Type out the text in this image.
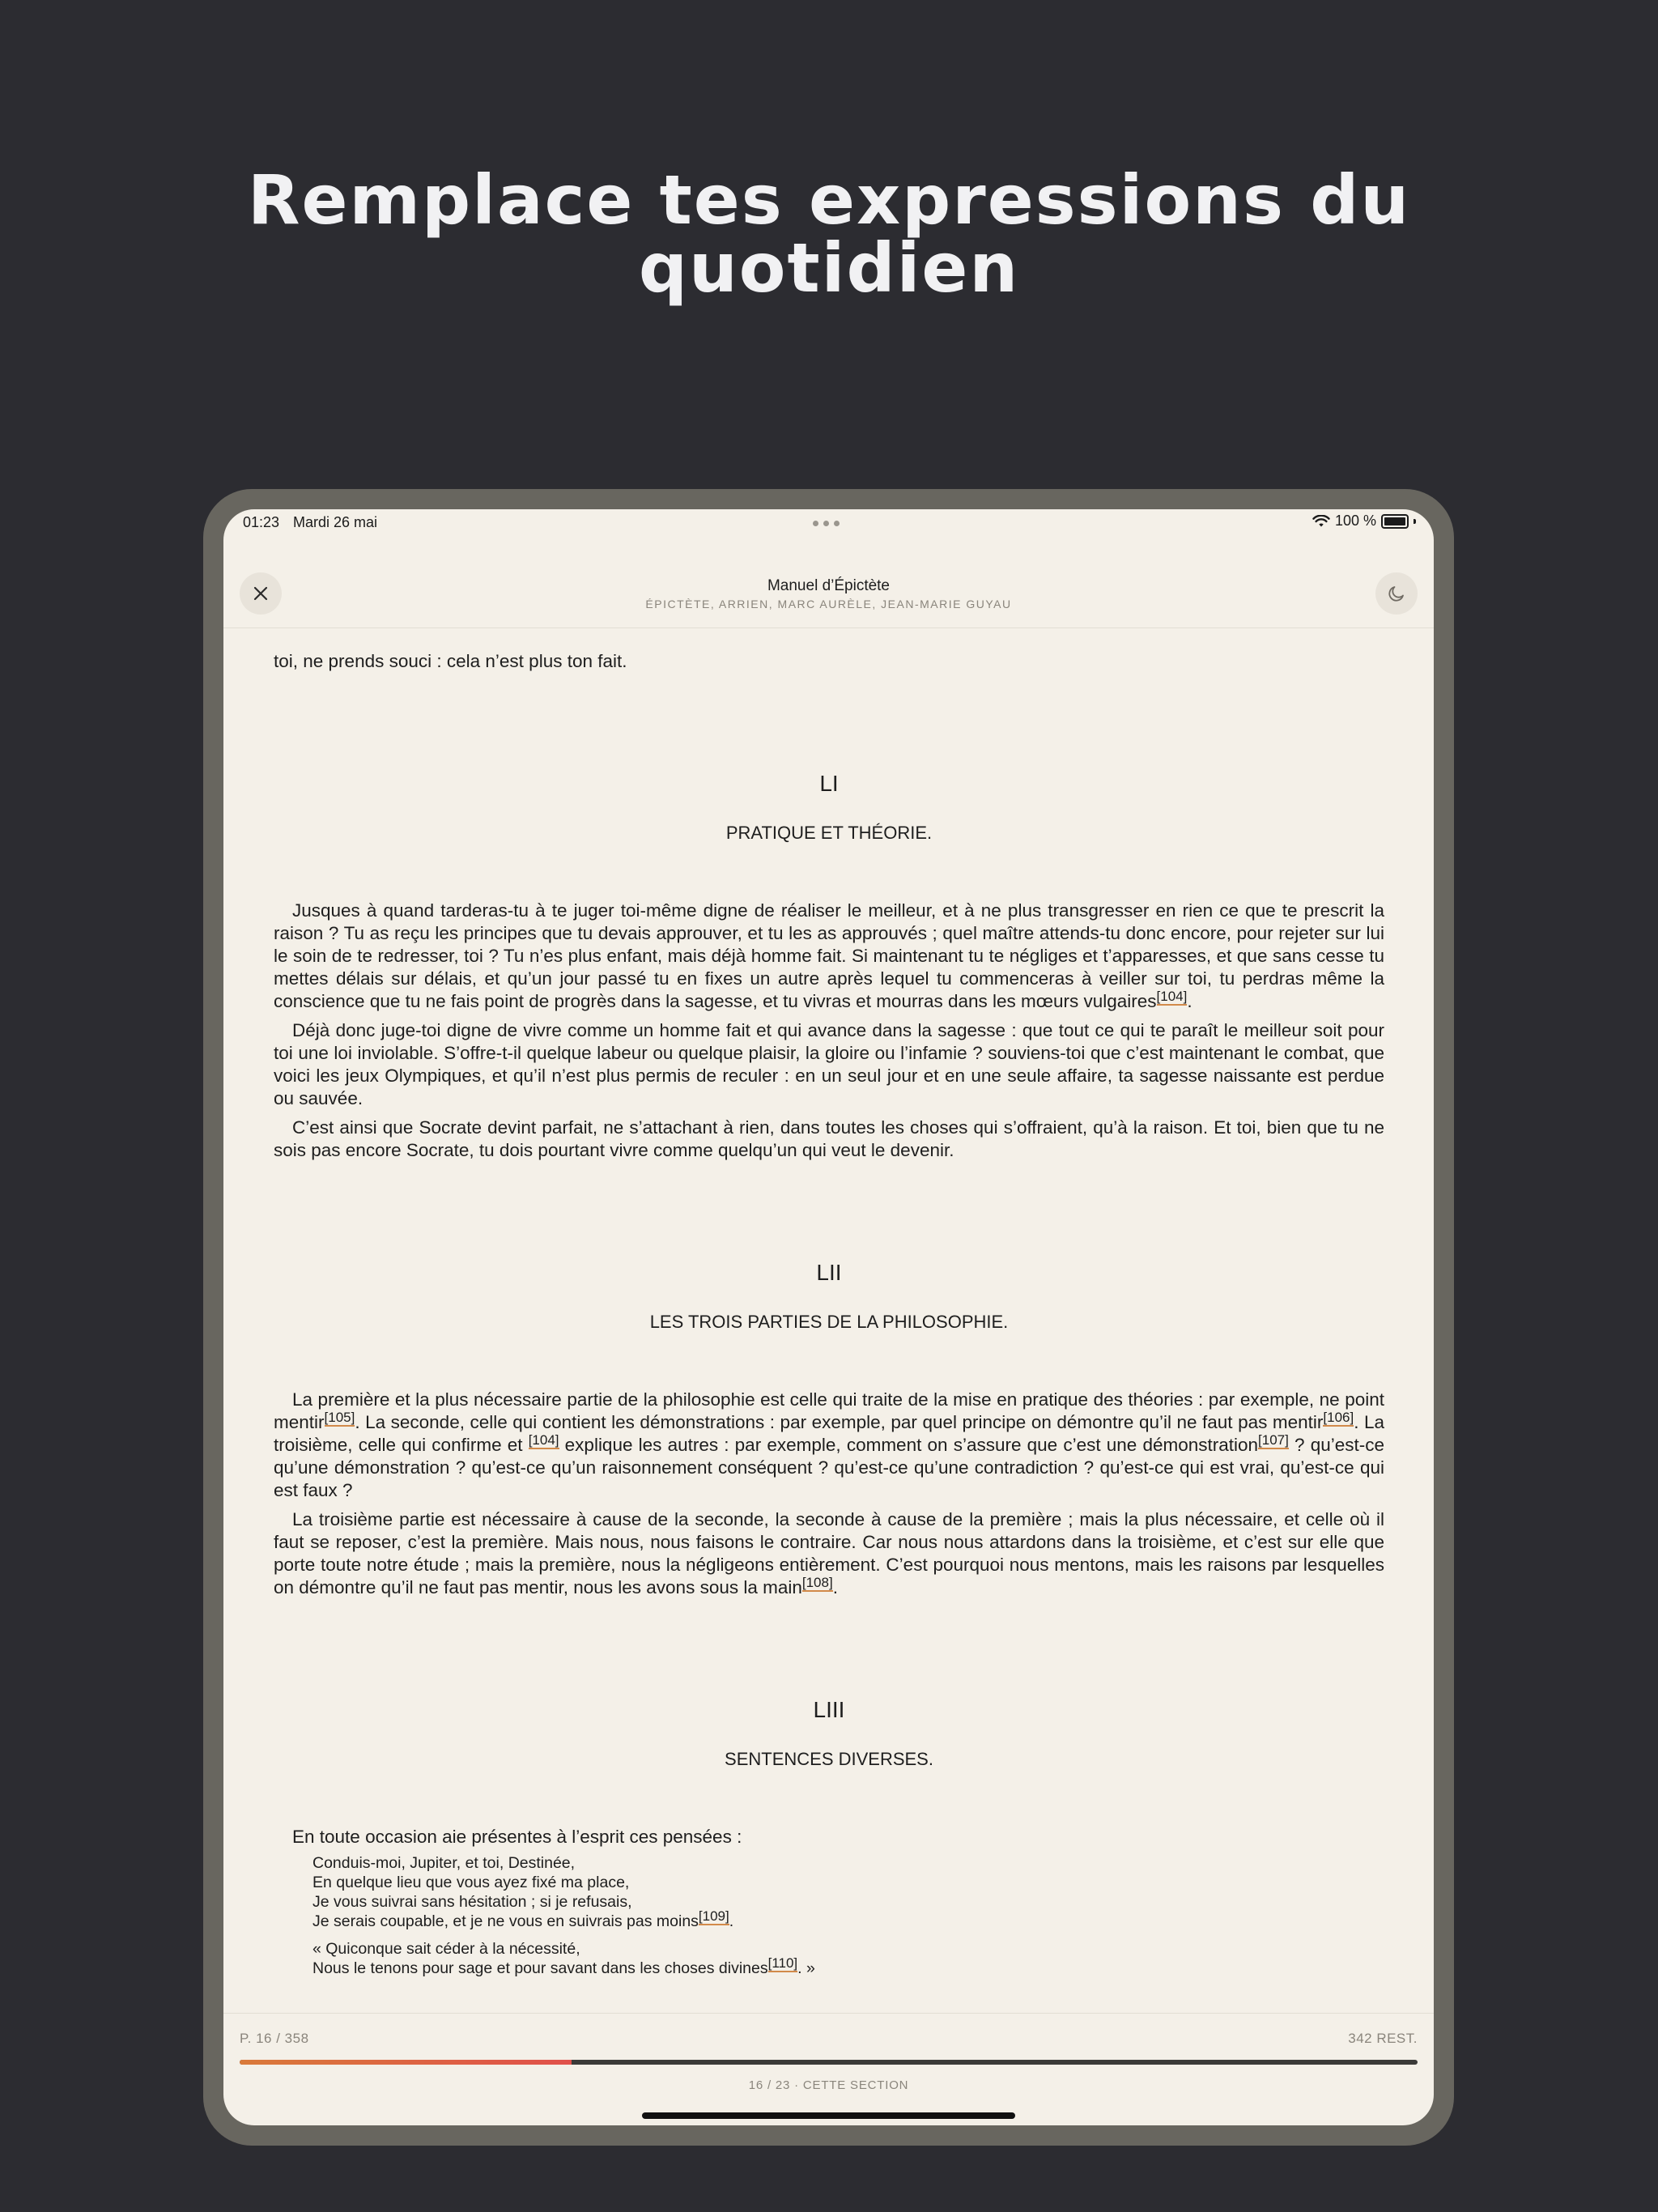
Remplace tes expressions du
quotidien
01:23 Mardi 26 mai	100 %
Manuel d’Épictète
ÉPICTÈTE, ARRIEN, MARC AURÈLE, JEAN-MARIE GUYAU

toi, ne prends souci : cela n’est plus ton fait.

LI

PRATIQUE ET THÉORIE.

Jusques à quand tarderas-tu à te juger toi-même digne de réaliser le meilleur, et à ne plus transgresser en rien ce que te prescrit la raison ? Tu as reçu les principes que tu devais approuver, et tu les as approuvés ; quel maître attends-tu donc encore, pour rejeter sur lui le soin de te redresser, toi ? Tu n’es plus enfant, mais déjà homme fait. Si maintenant tu te négliges et t’apparesses, et que sans cesse tu mettes délais sur délais, et qu’un jour passé tu en fixes un autre après lequel tu commenceras à veiller sur toi, tu perdras même la conscience que tu ne fais point de progrès dans la sagesse, et tu vivras et mourras dans les mœurs vulgaires[104].

Déjà donc juge-toi digne de vivre comme un homme fait et qui avance dans la sagesse : que tout ce qui te paraît le meilleur soit pour toi une loi inviolable. S’offre-t-il quelque labeur ou quelque plaisir, la gloire ou l’infamie ? souviens-toi que c’est maintenant le combat, que voici les jeux Olympiques, et qu’il n’est plus permis de reculer : en un seul jour et en une seule affaire, ta sagesse naissante est perdue ou sauvée.

C’est ainsi que Socrate devint parfait, ne s’attachant à rien, dans toutes les choses qui s’offraient, qu’à la raison. Et toi, bien que tu ne sois pas encore Socrate, tu dois pourtant vivre comme quelqu’un qui veut le devenir.

LII

LES TROIS PARTIES DE LA PHILOSOPHIE.

La première et la plus nécessaire partie de la philosophie est celle qui traite de la mise en pratique des théories : par exemple, ne point mentir[105]. La seconde, celle qui contient les démonstrations : par exemple, par quel principe on démontre qu’il ne faut pas mentir[106]. La troisième, celle qui confirme et [104] explique les autres : par exemple, comment on s’assure que c’est une démonstration[107] ? qu’est-ce qu’une démonstration ? qu’est-ce qu’un raisonnement conséquent ? qu’est-ce qu’une contradiction ? qu’est-ce qui est vrai, qu’est-ce qui est faux ?

La troisième partie est nécessaire à cause de la seconde, la seconde à cause de la première ; mais la plus nécessaire, et celle où il faut se reposer, c’est la première. Mais nous, nous faisons le contraire. Car nous nous attardons dans la troisième, et c’est sur elle que porte toute notre étude ; mais la première, nous la négligeons entièrement. C’est pourquoi nous mentons, mais les raisons par lesquelles on démontre qu’il ne faut pas mentir, nous les avons sous la main[108].

LIII

SENTENCES DIVERSES.

En toute occasion aie présentes à l’esprit ces pensées :

Conduis-moi, Jupiter, et toi, Destinée,

En quelque lieu que vous ayez fixé ma place,

Je vous suivrai sans hésitation ; si je refusais,

Je serais coupable, et je ne vous en suivrais pas moins[109].

« Quiconque sait céder à la nécessité,

Nous le tenons pour sage et pour savant dans les choses divines[110]. »

P. 16 / 358	342 REST.
16 / 23 · CETTE SECTION
